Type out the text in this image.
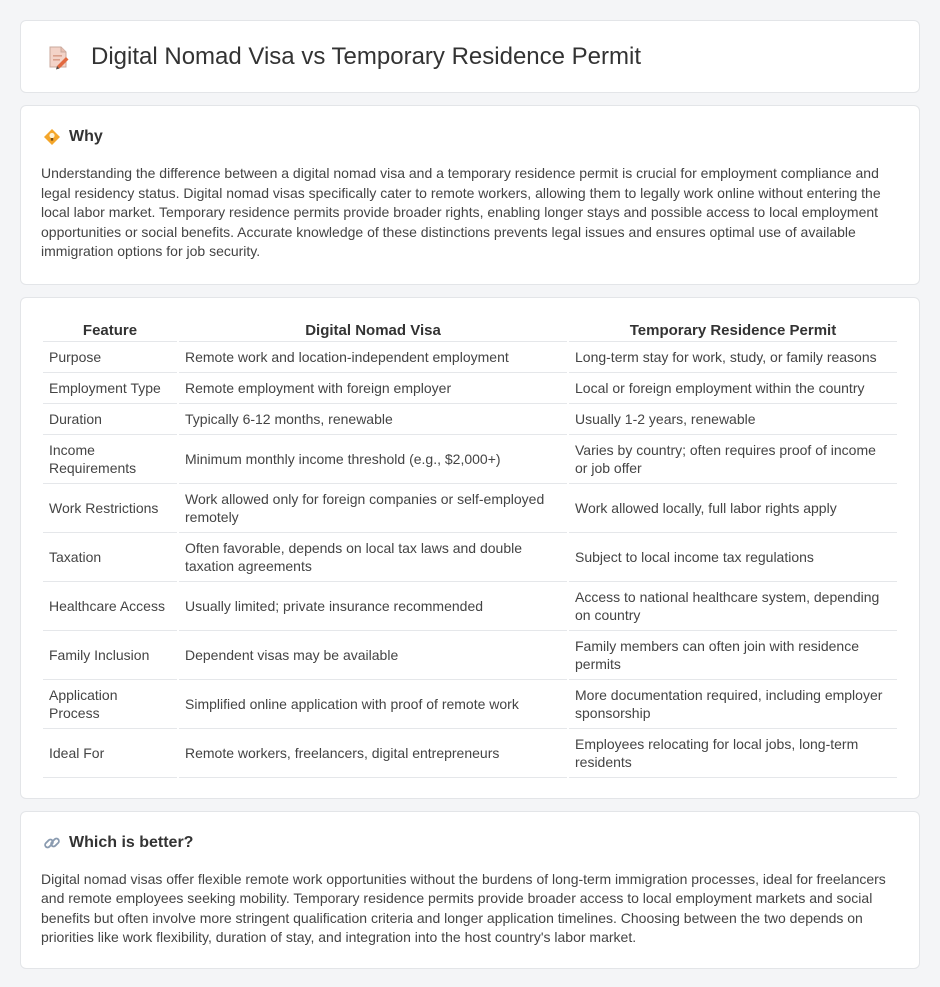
Digital Nomad Visa vs Temporary Residence Permit
Why

Understanding the difference between a digital nomad visa and a temporary residence permit is crucial for employment compliance and legal residency status. Digital nomad visas specifically cater to remote workers, allowing them to legally work online without entering the local labor market. Temporary residence permits provide broader rights, enabling longer stays and possible access to local employment opportunities or social benefits. Accurate knowledge of these distinctions prevents legal issues and ensures optimal use of available immigration options for job security.

Feature	Digital Nomad Visa	Temporary Residence Permit
Purpose	Remote work and location-independent employment	Long-term stay for work, study, or family reasons
Employment Type	Remote employment with foreign employer	Local or foreign employment within the country
Duration	Typically 6-12 months, renewable	Usually 1-2 years, renewable
Income Requirements	Minimum monthly income threshold (e.g., $2,000+)	Varies by country; often requires proof of income or job offer
Work Restrictions	Work allowed only for foreign companies or self-employed remotely	Work allowed locally, full labor rights apply
Taxation	Often favorable, depends on local tax laws and double taxation agreements	Subject to local income tax regulations
Healthcare Access	Usually limited; private insurance recommended	Access to national healthcare system, depending on country
Family Inclusion	Dependent visas may be available	Family members can often join with residence permits
Application Process	Simplified online application with proof of remote work	More documentation required, including employer sponsorship
Ideal For	Remote workers, freelancers, digital entrepreneurs	Employees relocating for local jobs, long-term residents
Which is better?

Digital nomad visas offer flexible remote work opportunities without the burdens of long-term immigration processes, ideal for freelancers and remote employees seeking mobility. Temporary residence permits provide broader access to local employment markets and social benefits but often involve more stringent qualification criteria and longer application timelines. Choosing between the two depends on priorities like work flexibility, duration of stay, and integration into the host country's labor market.
